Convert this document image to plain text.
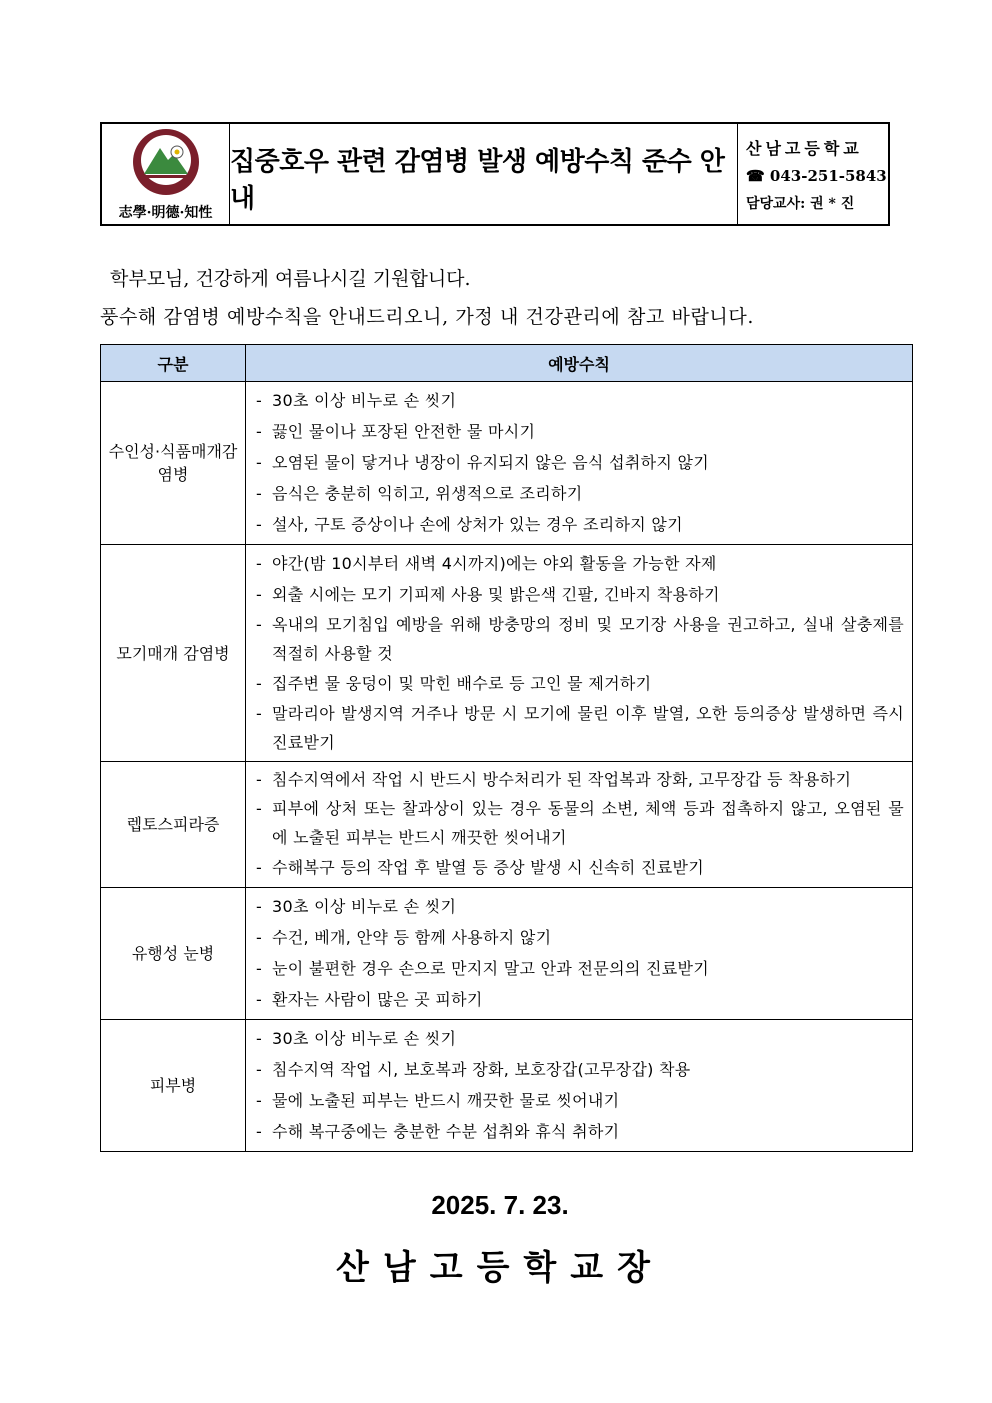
志學·明德·知性
집중호우 관련 감염병 발생 예방수칙 준수 안내
산남고등학교
☎ 043-251-5843
담당교사: 권 * 진
학부모님, 건강하게 여름나시길 기원합니다.
풍수해 감염병 예방수칙을 안내드리오니, 가정 내 건강관리에 참고 바랍니다.
구분	예방수칙
수인성·식품매개감염병	- 30초 이상 비누로 손 씻기
- 끓인 물이나 포장된 안전한 물 마시기
- 오염된 물이 닿거나 냉장이 유지되지 않은 음식 섭취하지 않기
- 음식은 충분히 익히고, 위생적으로 조리하기
- 설사, 구토 증상이나 손에 상처가 있는 경우 조리하지 않기

모기매개 감염병	- 야간(밤 10시부터 새벽 4시까지)에는 야외 활동을 가능한 자제
- 외출 시에는 모기 기피제 사용 및 밝은색 긴팔, 긴바지 착용하기
- 옥내의 모기침입 예방을 위해 방충망의 정비 및 모기장 사용을 권고하고, 실내 살충제를 적절히 사용할 것
- 집주변 물 웅덩이 및 막힌 배수로 등 고인 물 제거하기
- 말라리아 발생지역 거주나 방문 시 모기에 물린 이후 발열, 오한 등의증상 발생하면 즉시 진료받기

렙토스피라증	- 침수지역에서 작업 시 반드시 방수처리가 된 작업복과 장화, 고무장갑 등 착용하기
- 피부에 상처 또는 찰과상이 있는 경우 동물의 소변, 체액 등과 접촉하지 않고, 오염된 물에 노출된 피부는 반드시 깨끗한 씻어내기
- 수해복구 등의 작업 후 발열 등 증상 발생 시 신속히 진료받기

유행성 눈병	- 30초 이상 비누로 손 씻기
- 수건, 베개, 안약 등 함께 사용하지 않기
- 눈이 불편한 경우 손으로 만지지 말고 안과 전문의의 진료받기
- 환자는 사람이 많은 곳 피하기

피부병	- 30초 이상 비누로 손 씻기
- 침수지역 작업 시, 보호복과 장화, 보호장갑(고무장갑) 착용
- 물에 노출된 피부는 반드시 깨끗한 물로 씻어내기
- 수해 복구중에는 충분한 수분 섭취와 휴식 취하기
2025. 7. 23.
산남고등학교장
